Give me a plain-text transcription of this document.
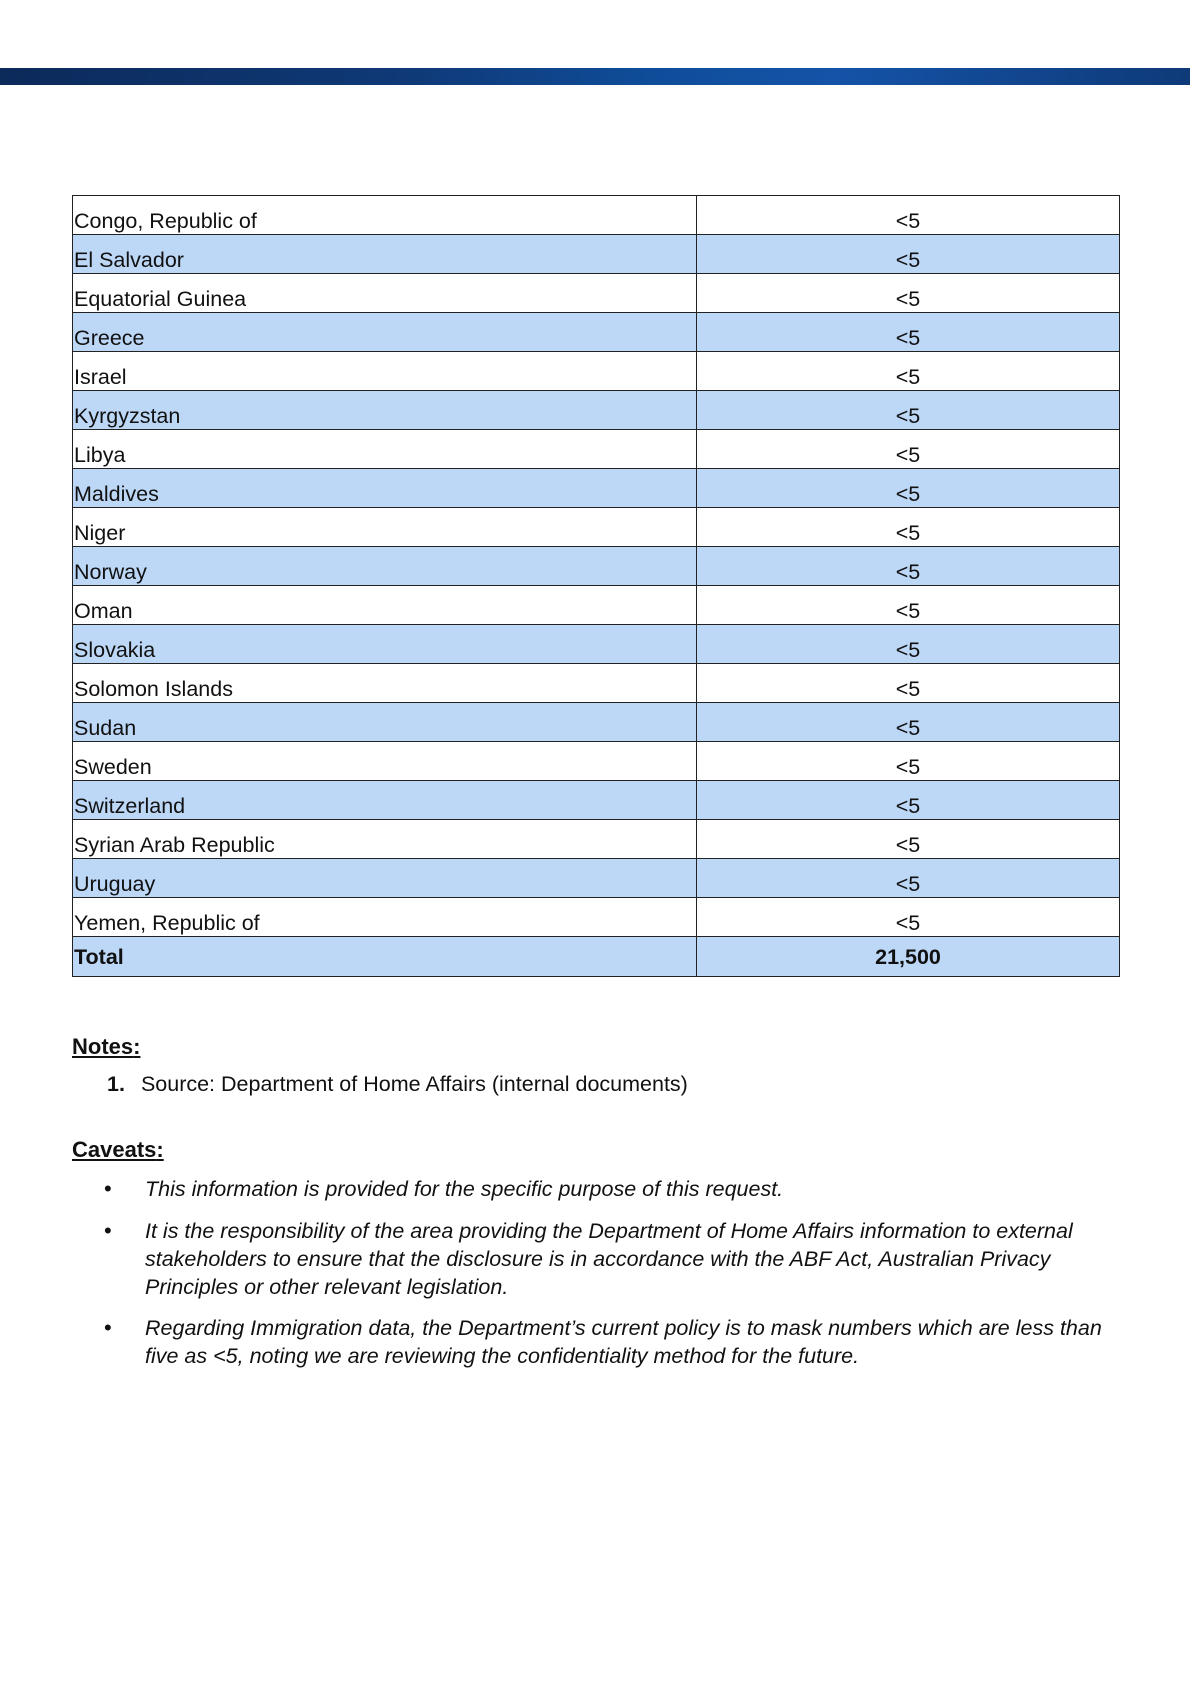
Congo, Republic of	<5
El Salvador	<5
Equatorial Guinea	<5
Greece	<5
Israel	<5
Kyrgyzstan	<5
Libya	<5
Maldives	<5
Niger	<5
Norway	<5
Oman	<5
Slovakia	<5
Solomon Islands	<5
Sudan	<5
Sweden	<5
Switzerland	<5
Syrian Arab Republic	<5
Uruguay	<5
Yemen, Republic of	<5
Total	21,500
Notes:
1. Source: Department of Home Affairs (internal documents)
Caveats:
• This information is provided for the specific purpose of this request.
• It is the responsibility of the area providing the Department of Home Affairs information to external stakeholders to ensure that the disclosure is in accordance with the ABF Act, Australian Privacy Principles or other relevant legislation.
• Regarding Immigration data, the Department’s current policy is to mask numbers which are less than five as <5, noting we are reviewing the confidentiality method for the future.
